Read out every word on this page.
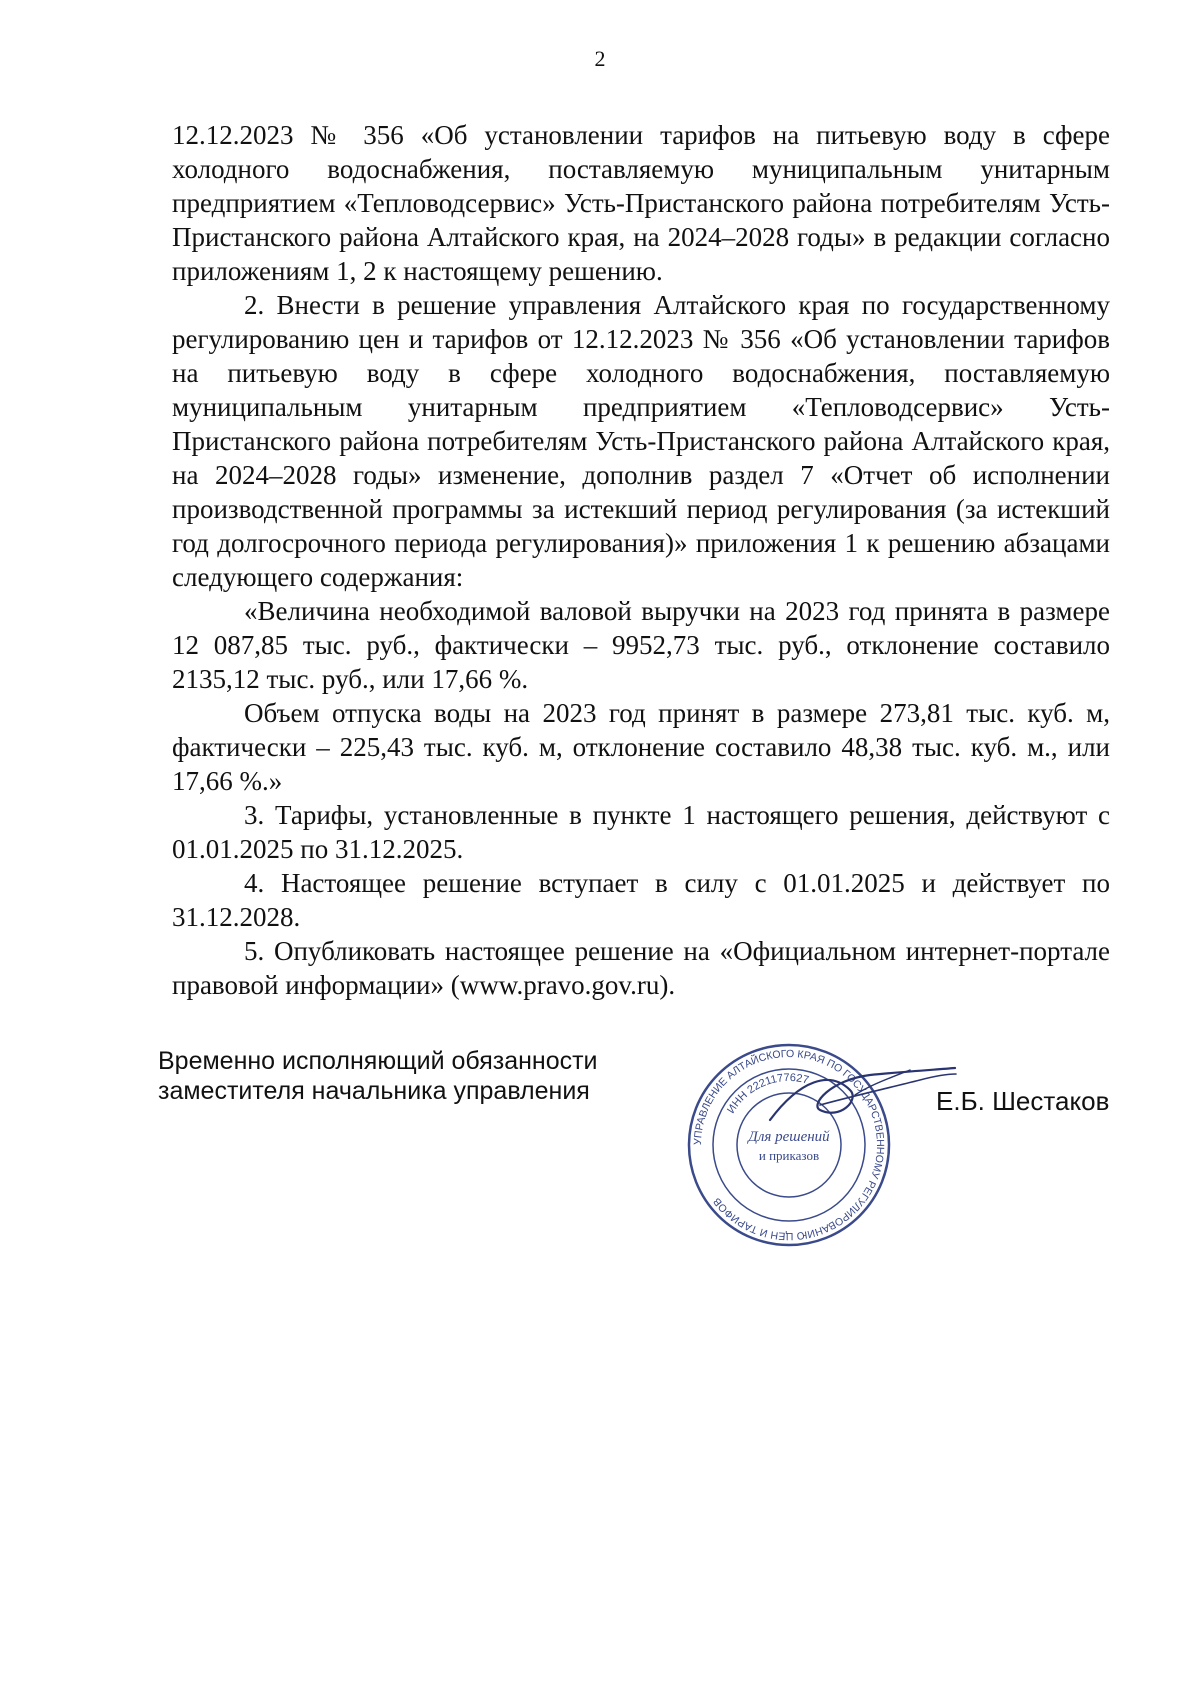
2

12.12.2023 № 356 «Об установлении тарифов на питьевую воду в сфере холодного водоснабжения, поставляемую муниципальным унитарным предприятием «Тепловодсервис» Усть-Пристанского района потребителям Усть-Пристанского района Алтайского края, на 2024–2028 годы» в редакции согласно приложениям 1, 2 к настоящему решению.

2. Внести в решение управления Алтайского края по государственному регулированию цен и тарифов от 12.12.2023 № 356 «Об установлении тарифов на питьевую воду в сфере холодного водоснабжения, поставляемую муниципальным унитарным предприятием «Тепловодсервис» Усть-Пристанского района потребителям Усть-Пристанского района Алтайского края, на 2024–2028 годы» изменение, дополнив раздел 7 «Отчет об исполнении производственной программы за истекший период регулирования (за истекший год долгосрочного периода регулирования)» приложения 1 к решению абзацами следующего содержания:

«Величина необходимой валовой выручки на 2023 год принята в размере 12 087,85 тыс. руб., фактически – 9952,73 тыс. руб., отклонение составило 2135,12 тыс. руб., или 17,66 %.

Объем отпуска воды на 2023 год принят в размере 273,81 тыс. куб. м, фактически – 225,43 тыс. куб. м, отклонение составило 48,38 тыс. куб. м., или 17,66 %.»

3. Тарифы, установленные в пункте 1 настоящего решения, действуют с 01.01.2025 по 31.12.2025.

4. Настоящее решение вступает в силу с 01.01.2025 и действует по 31.12.2028.

5. Опубликовать настоящее решение на «Официальном интернет-портале правовой информации» (www.pravo.gov.ru).

Временно исполняющий обязанности
заместителя начальника управления
УПРАВЛЕНИЕ АЛТАЙСКОГО КРАЯ ПО ГОСУДАРСТВЕННОМУ РЕГУЛИРОВАНИЮ ЦЕН И ТАРИФОВ
ИНН 2221177627
Для решений
и приказов
Е.Б. Шестаков
